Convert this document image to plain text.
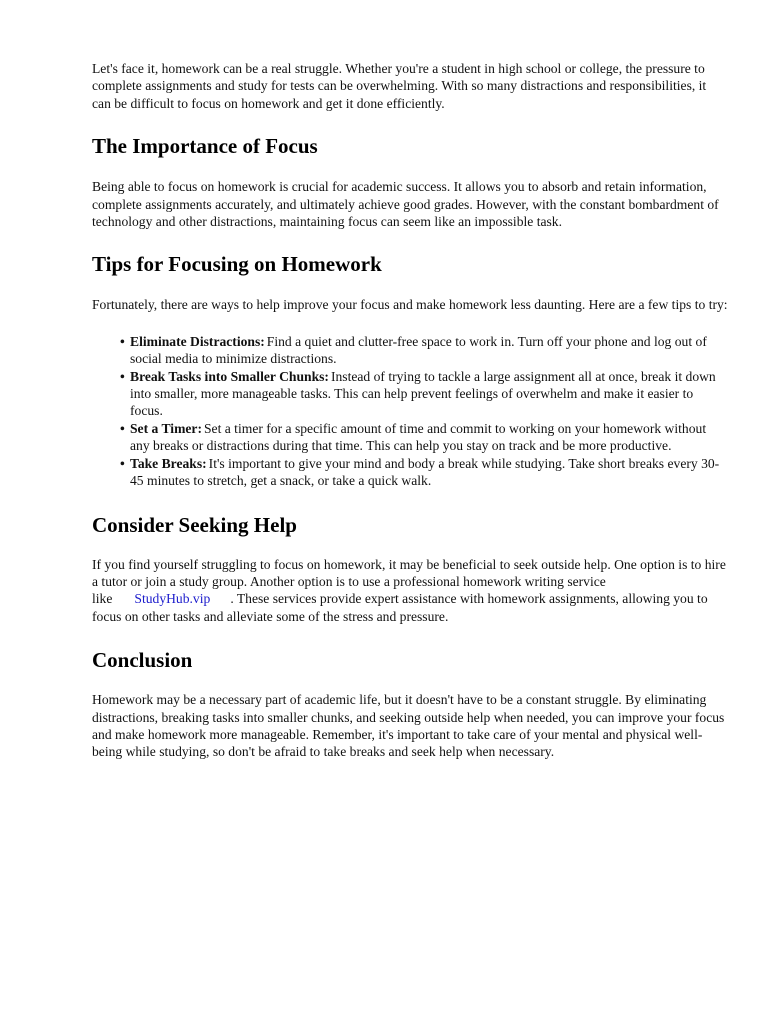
Let's face it, homework can be a real struggle. Whether you're a student in high school or college, the pressure to complete assignments and study for tests can be overwhelming. With so many distractions and responsibilities, it can be difficult to focus on homework and get it done efficiently.

The Importance of Focus

Being able to focus on homework is crucial for academic success. It allows you to absorb and retain information, complete assignments accurately, and ultimately achieve good grades. However, with the constant bombardment of technology and other distractions, maintaining focus can seem like an impossible task.

Tips for Focusing on Homework

Fortunately, there are ways to help improve your focus and make homework less daunting. Here are a few tips to try:

• Eliminate Distractions: Find a quiet and clutter-free space to work in. Turn off your phone and log out of social media to minimize distractions.
• Break Tasks into Smaller Chunks: Instead of trying to tackle a large assignment all at once, break it down into smaller, more manageable tasks. This can help prevent feelings of overwhelm and make it easier to focus.
• Set a Timer: Set a timer for a specific amount of time and commit to working on your homework without any breaks or distractions during that time. This can help you stay on track and be more productive.
• Take Breaks: It's important to give your mind and body a break while studying. Take short breaks every 30-45 minutes to stretch, get a snack, or take a quick walk.
Consider Seeking Help

If you find yourself struggling to focus on homework, it may be beneficial to seek outside help. One option is to hire a tutor or join a study group. Another option is to use a professional homework writing service like StudyHub.vip . These services provide expert assistance with homework assignments, allowing you to focus on other tasks and alleviate some of the stress and pressure.

Conclusion

Homework may be a necessary part of academic life, but it doesn't have to be a constant struggle. By eliminating distractions, breaking tasks into smaller chunks, and seeking outside help when needed, you can improve your focus and make homework more manageable. Remember, it's important to take care of your mental and physical well-being while studying, so don't be afraid to take breaks and seek help when necessary.
